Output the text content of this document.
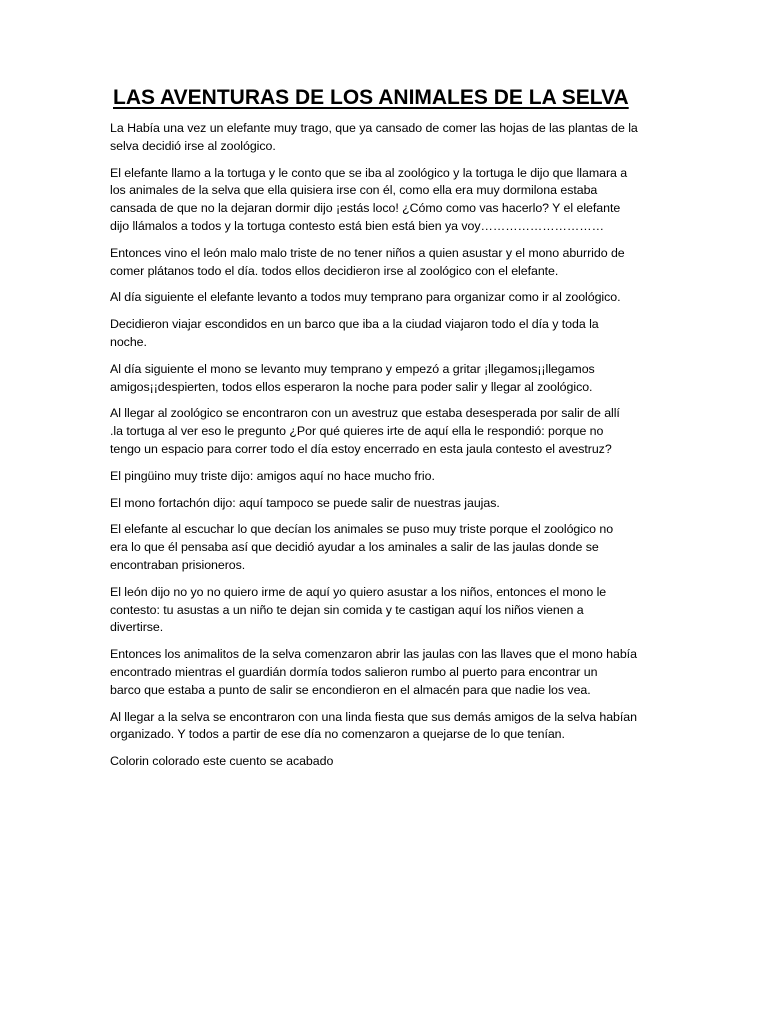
LAS AVENTURAS DE LOS ANIMALES DE LA SELVA

La Había una vez un elefante muy trago, que ya cansado de comer las hojas de las plantas de la
selva decidió irse al zoológico.

El elefante llamo a la tortuga y le conto que se iba al zoológico y la tortuga le dijo que llamara a
los animales de la selva que ella quisiera irse con él, como ella era muy dormilona estaba
cansada de que no la dejaran dormir dijo ¡estás loco! ¿Cómo como vas hacerlo? Y el elefante
dijo llámalos a todos y la tortuga contesto está bien está bien ya voy…………………………

Entonces vino el león malo malo triste de no tener niños a quien asustar y el mono aburrido de
comer plátanos todo el día. todos ellos decidieron irse al zoológico con el elefante.

Al día siguiente el elefante levanto a todos muy temprano para organizar como ir al zoológico.

Decidieron viajar escondidos en un barco que iba a la ciudad viajaron todo el día y toda la
noche.

Al día siguiente el mono se levanto muy temprano y empezó a gritar ¡llegamos¡¡llegamos
amigos¡¡despierten, todos ellos esperaron la noche para poder salir y llegar al zoológico.

Al llegar al zoológico se encontraron con un avestruz que estaba desesperada por salir de allí
.la tortuga al ver eso le pregunto ¿Por qué quieres irte de aquí ella le respondió: porque no
tengo un espacio para correr todo el día estoy encerrado en esta jaula contesto el avestruz?

El pingüino muy triste dijo: amigos aquí no hace mucho frio.

El mono fortachón dijo: aquí tampoco se puede salir de nuestras jaujas.

El elefante al escuchar lo que decían los animales se puso muy triste porque el zoológico no
era lo que él pensaba así que decidió ayudar a los aminales a salir de las jaulas donde se
encontraban prisioneros.

El león dijo no yo no quiero irme de aquí yo quiero asustar a los niños, entonces el mono le
contesto: tu asustas a un niño te dejan sin comida y te castigan aquí los niños vienen a
divertirse.

Entonces los animalitos de la selva comenzaron abrir las jaulas con las llaves que el mono había
encontrado mientras el guardián dormía todos salieron rumbo al puerto para encontrar un
barco que estaba a punto de salir se encondieron en el almacén para que nadie los vea.

Al llegar a la selva se encontraron con una linda fiesta que sus demás amigos de la selva habían
organizado. Y todos a partir de ese día no comenzaron a quejarse de lo que tenían.

Colorin colorado este cuento se acabado
